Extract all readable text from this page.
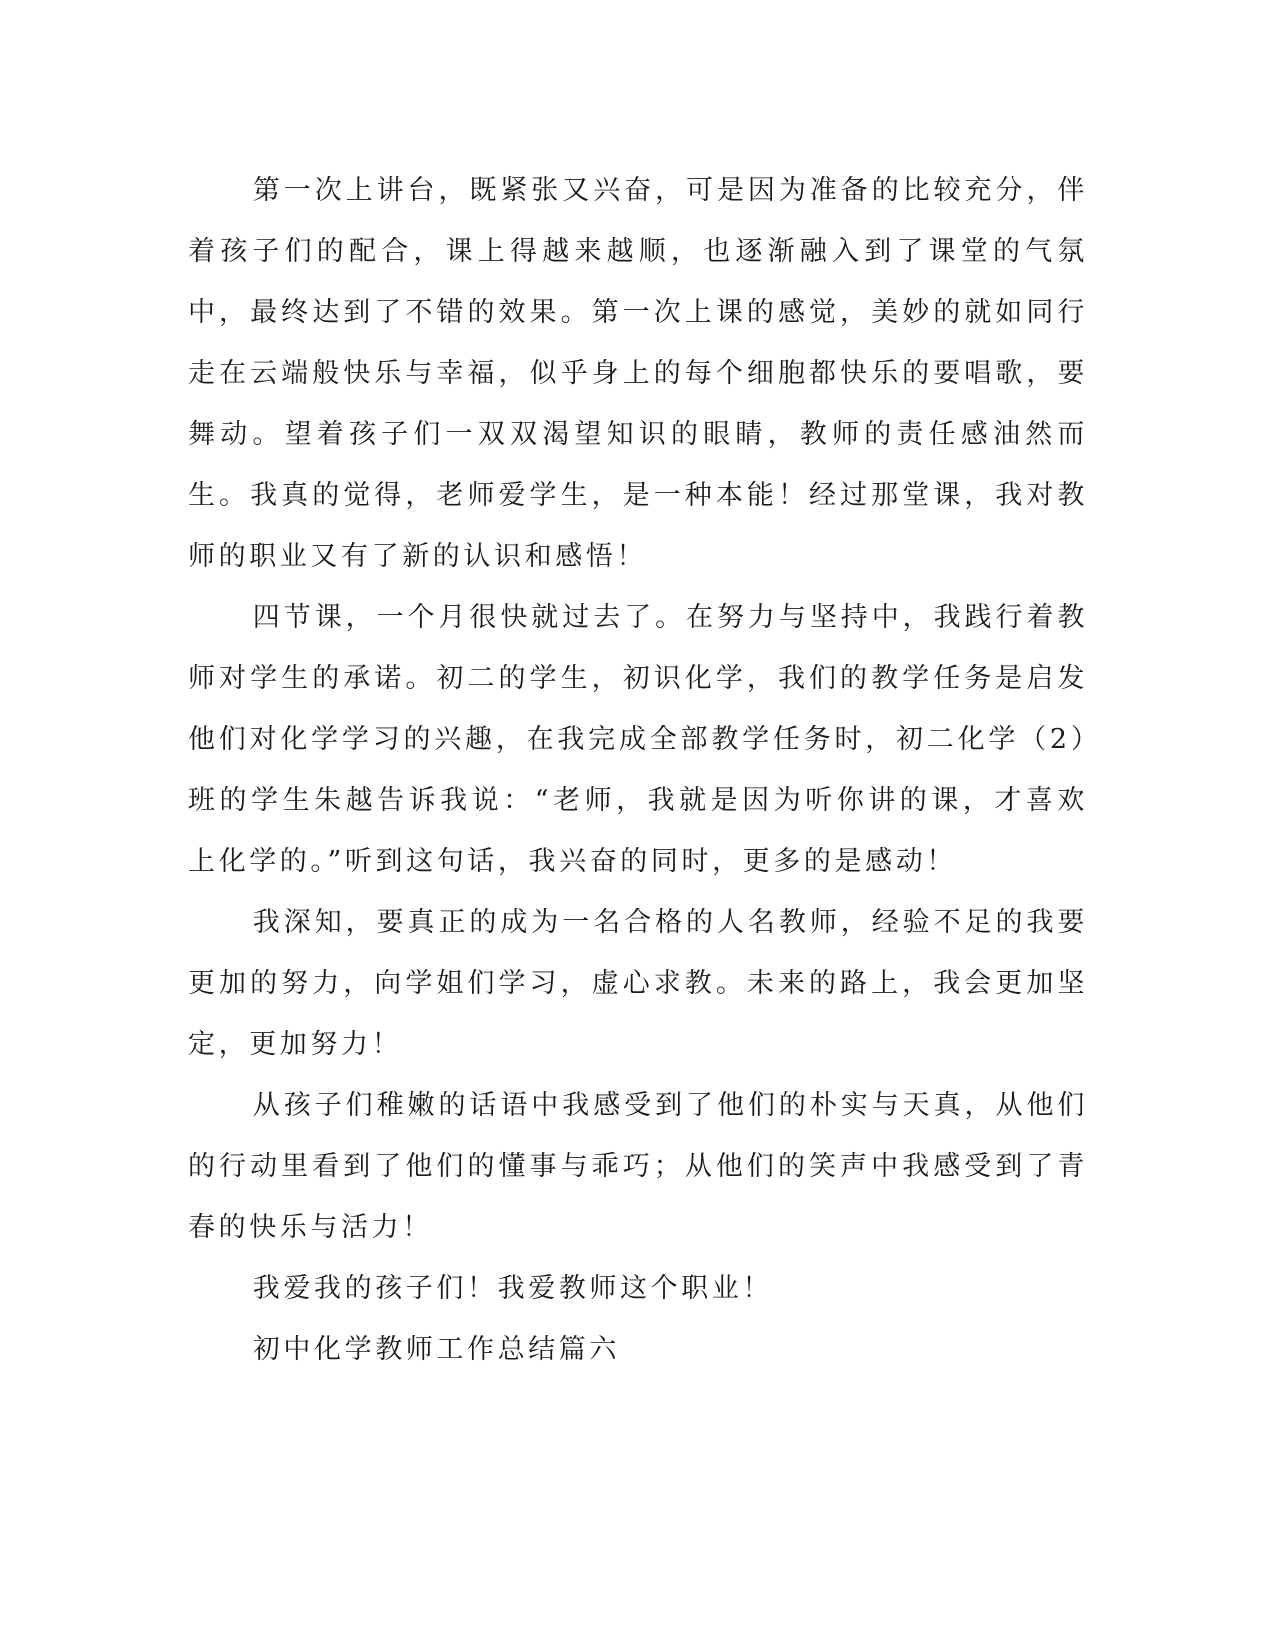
第一次上讲台，既紧张又兴奋，可是因为准备的比较充分，伴着孩子们的配合，课上得越来越顺，也逐渐融入到了课堂的气氛中，最终达到了不错的效果。第一次上课的感觉，美妙的就如同行走在云端般快乐与幸福，似乎身上的每个细胞都快乐的要唱歌，要舞动。望着孩子们一双双渴望知识的眼睛，教师的责任感油然而生。我真的觉得，老师爱学生，是一种本能！经过那堂课，我对教师的职业又有了新的认识和感悟！

四节课，一个月很快就过去了。在努力与坚持中，我践行着教师对学生的承诺。初二的学生，初识化学，我们的教学任务是启发他们对化学学习的兴趣，在我完成全部教学任务时，初二化学（2）班的学生朱越告诉我说：“老师，我就是因为听你讲的课，才喜欢上化学的。”听到这句话，我兴奋的同时，更多的是感动！

我深知，要真正的成为一名合格的人名教师，经验不足的我要更加的努力，向学姐们学习，虚心求教。未来的路上，我会更加坚定，更加努力！

从孩子们稚嫩的话语中我感受到了他们的朴实与天真，从他们的行动里看到了他们的懂事与乖巧；从他们的笑声中我感受到了青春的快乐与活力！

我爱我的孩子们！我爱教师这个职业！

初中化学教师工作总结篇六
